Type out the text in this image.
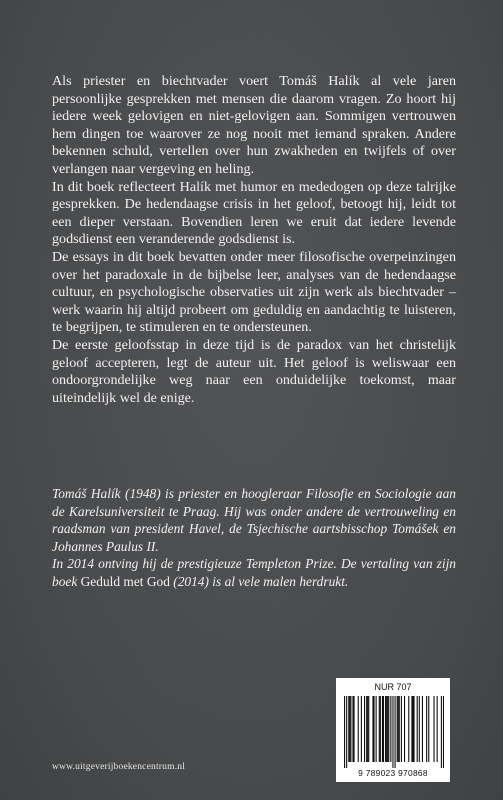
Als priester en biechtvader voert Tomáš Halík al vele jaren persoonlijke gesprekken met mensen die daarom vragen. Zo hoort hij iedere week gelovigen en niet-gelovigen aan. Sommigen vertrouwen hem dingen toe waarover ze nog nooit met iemand spraken. Andere bekennen schuld, vertellen over hun zwakheden en twijfels of over verlangen naar vergeving en heling.

In dit boek reflecteert Halík met humor en mededogen op deze talrijke gesprekken. De hedendaagse crisis in het geloof, betoogt hij, leidt tot een dieper verstaan. Bovendien leren we eruit dat iedere levende godsdienst een veranderende godsdienst is.

De essays in dit boek bevatten onder meer filosofische overpeinzingen over het paradoxale in de bijbelse leer, analyses van de hedendaagse cultuur, en psychologische observaties uit zijn werk als biechtvader – werk waarin hij altijd probeert om geduldig en aandachtig te luisteren, te begrijpen, te stimuleren en te ondersteunen.

De eerste geloofsstap in deze tijd is de paradox van het christelijk geloof accepteren, legt de auteur uit. Het geloof is weliswaar een ondoorgrondelijke weg naar een onduidelijke toekomst, maar uiteindelijk wel de enige.

Tomáš Halík (1948) is priester en hoogleraar Filosofie en Sociologie aan de Karelsuniversiteit te Praag. Hij was onder andere de vertrouweling en raadsman van president Havel, de Tsjechische aartsbisschop Tomášek en Johannes Paulus II.

In 2014 ontving hij de prestigieuze Templeton Prize. De vertaling van zijn boek Geduld met God (2014) is al vele malen herdrukt.

www.uitgeverijboekencentrum.nl
NUR 707
9 789023 970868
